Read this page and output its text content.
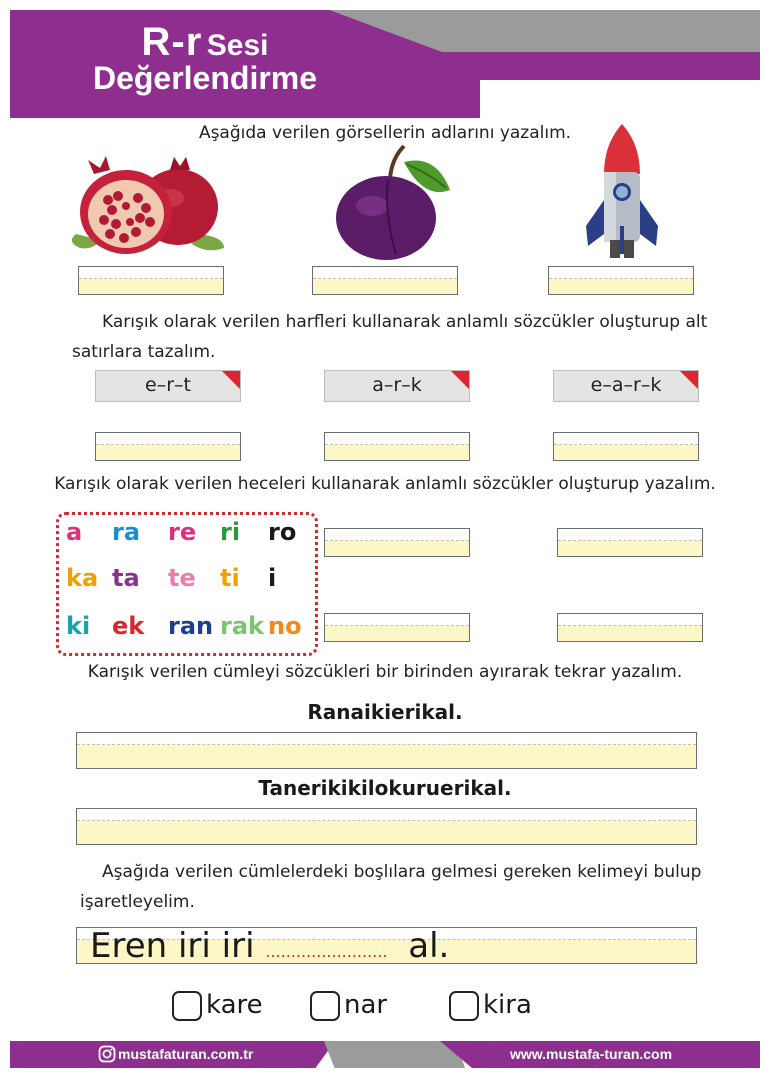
R-r Sesi
Değerlendirme
Aşağıda verilen görsellerin adlarını yazalım.
Karışık olarak verilen harfleri kullanarak anlamlı sözcükler oluşturup alt
satırlara tazalım.
e–r–t	a–r–k	e–a–r–k
Karışık olarak verilen heceleri kullanarak anlamlı sözcükler oluşturup yazalım.
a ra re ri ro
ka ta te ti i
ki ek ran rak no
Karışık verilen cümleyi sözcükleri bir birinden ayırarak tekrar yazalım.
Ranaikierikal.
Tanerikikilokuruerikal.
Aşağıda verilen cümlelerdeki boşlılara gelmesi gereken kelimeyi bulup
işaretleyelim.
Eren iri iri ........................ al.
kare	nar	kira
mustafaturan.com.tr	www.mustafa-turan.com
